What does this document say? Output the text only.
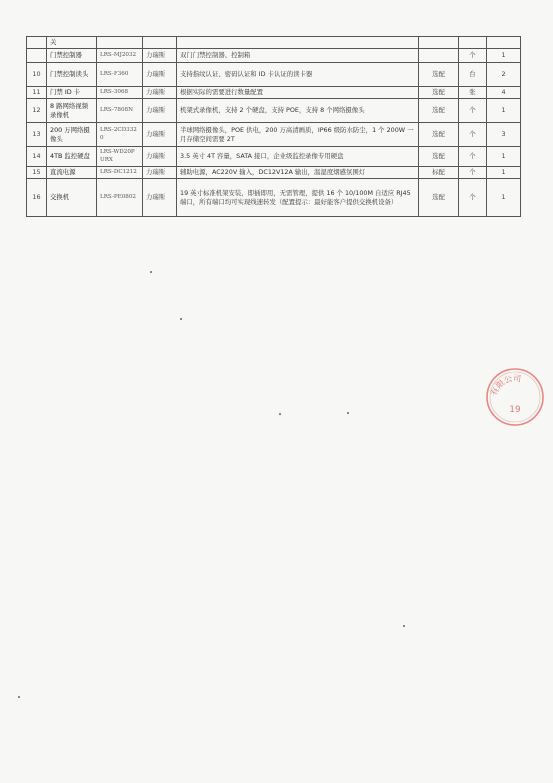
	关						
	门禁控制器	LRS-MJ2032	力瑞斯	双门门禁控制器、控制箱		个	1
10	门禁控制读头	LRS-F360	力瑞斯	支持指纹认证、密码认证和 ID 卡认证的读卡器	选配	台	2
11	门禁 ID 卡	LRS-3068	力瑞斯	根据实际的需要进行数量配置	选配	张	4
12	8 路网络视频录像机	LRS-7808N	力瑞斯	机架式录像机，支持 2 个硬盘，支持 POE，支持 8 个网络摄像头	选配	个	1
13	200 万网络摄像头	LRS-2CD3320	力瑞斯	半球网络摄像头，POE 供电，200 万高清画质，IP66 级防水防尘，1 个 200W 一月存储空间需要 2T	选配	个	3
14	4TB 监控硬盘	LRS-WD20PURX	力瑞斯	3.5 英寸 4T 容量，SATA 接口，企业级监控录像专用硬盘	选配	个	1
15	直流电源	LRS-DC1212	力瑞斯	辅助电源，AC220V 输入，DC12V12A 输出，温湿度烟感氛围灯	标配	个	1
16	交换机	LRS-PE0802	力瑞斯	19 英寸标准机架安装，即插即用，无需管理，提供 16 个 10/100M 自适应 RJ45 端口，所有端口均可实现线速转发（配置提示：最好能客户提供交换机设备）	选配	个	1
有限公司
19
